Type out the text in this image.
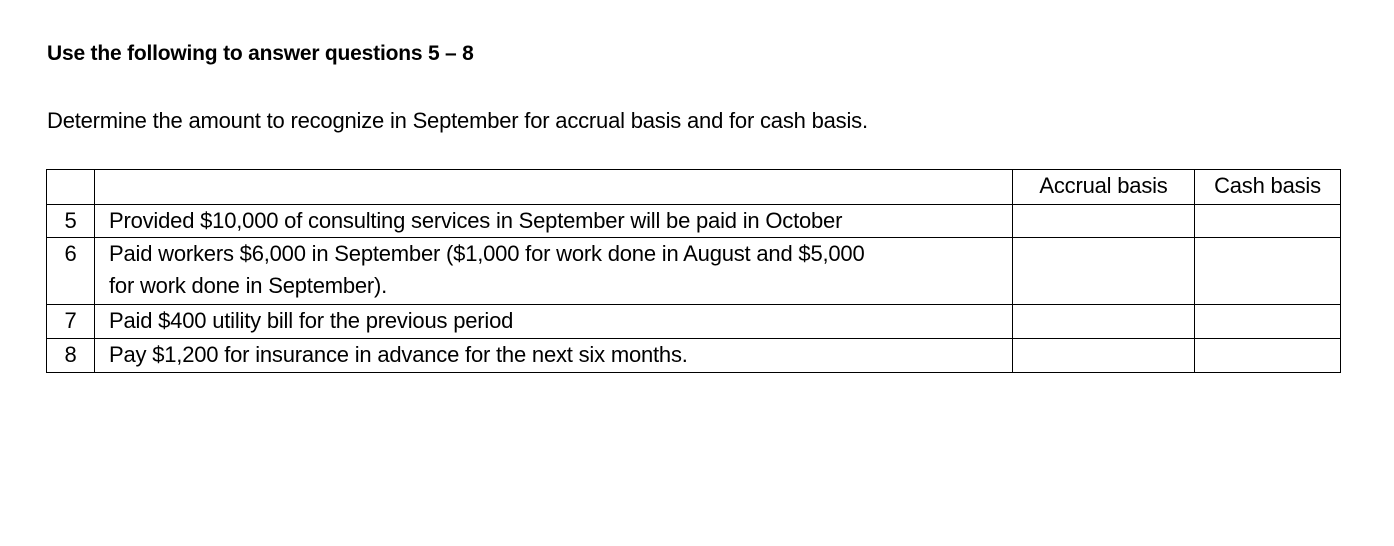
Use the following to answer questions 5 – 8
Determine the amount to recognize in September for accrual basis and for cash basis.
		Accrual basis	Cash basis
5	Provided $10,000 of consulting services in September will be paid in October		
6	Paid workers $6,000 in September ($1,000 for work done in August and $5,000
for work done in September).		

7	Paid $400 utility bill for the previous period		
8	Pay $1,200 for insurance in advance for the next six months.		
